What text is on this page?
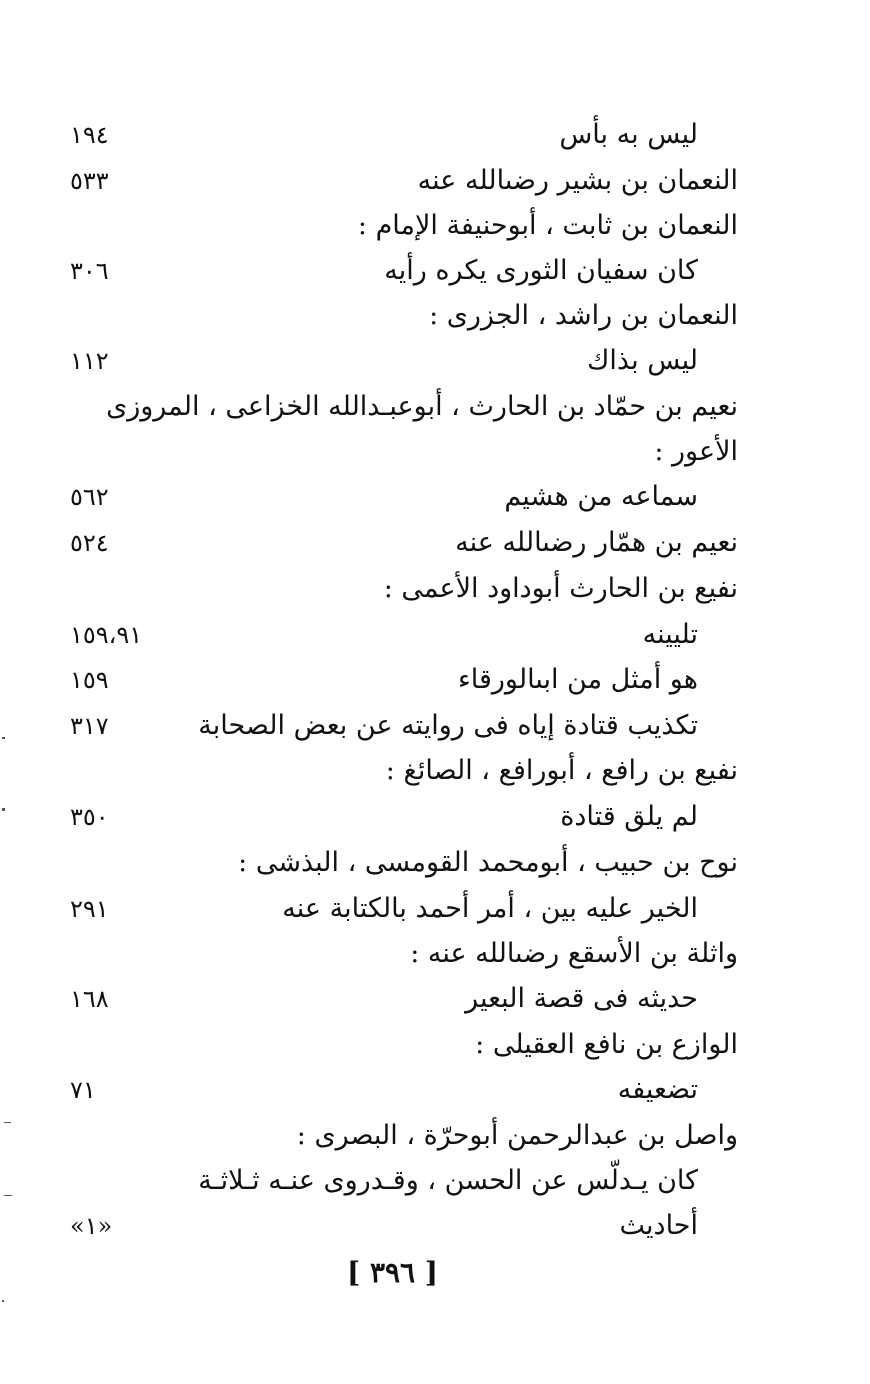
ليس به بأس
١٩٤
النعمان بن بشير رضىالله عنه
٥٣٣
النعمان بن ثابت ، أبوحنيفة الإمام :
كان سفيان الثورى يكره رأيه
٣٠٦
النعمان بن راشد ، الجزرى :
ليس بذاك
١١٢
نعيم بن حمّاد بن الحارث ، أبوعبـدالله الخزاعى ، المروزى
الأعور :
سماعه من هشيم
٥٦٢
نعيم بن همّار رضىالله عنه
٥٢٤
نفيع بن الحارث أبوداود الأعمى :
تليينه
١٥٩،٩١
هو أمثل من ابىالورقاء
١٥٩
تكذيب قتادة إياه فى روايته عن بعض الصحابة
٣١٧
نفيع بن رافع ، أبورافع ، الصائغ :
لم يلق قتادة
٣٥٠
نوح بن حبيب ، أبومحمد القومسى ، البذشى :
الخير عليه بين ، أمر أحمد بالكتابة عنه
٢٩١
واثلة بن الأسقع رضىالله عنه :
حديثه فى قصة البعير
١٦٨
الوازع بن نافع العقيلى :
تضعيفه
٧١
واصل بن عبدالرحمن أبوحرّة ، البصرى :
كان يـدلّس عن الحسن ، وقـدروى عنـه ثـلاثـة
أحاديث
«١»
[ ٣٩٦ ]
